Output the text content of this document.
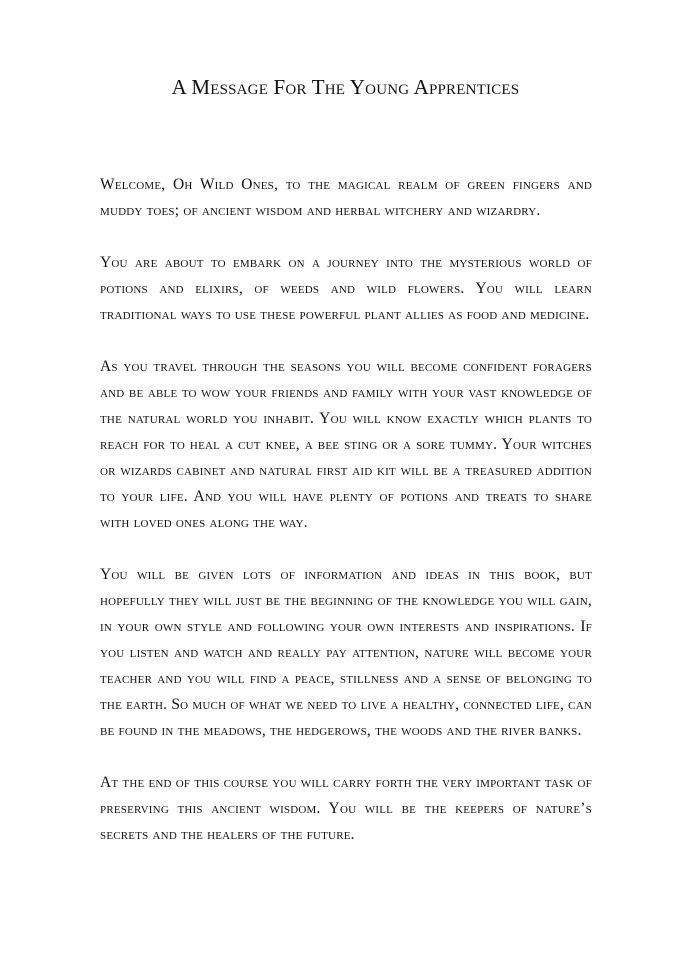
A Message For The Young Apprentices

Welcome, Oh Wild Ones, to the magical realm of green fingers and muddy toes; of ancient wisdom and herbal witchery and wizardry.

You are about to embark on a journey into the mysterious world of potions and elixirs, of weeds and wild flowers. You will learn traditional ways to use these powerful plant allies as food and medicine.

As you travel through the seasons you will become confident foragers and be able to wow your friends and family with your vast knowledge of the natural world you inhabit. You will know exactly which plants to reach for to heal a cut knee, a bee sting or a sore tummy. Your witches or wizards cabinet and natural first aid kit will be a treasured addition to your life. And you will have plenty of potions and treats to share with loved ones along the way.

You will be given lots of information and ideas in this book, but hopefully they will just be the beginning of the knowledge you will gain, in your own style and following your own interests and inspirations. If you listen and watch and really pay attention, nature will become your teacher and you will find a peace, stillness and a sense of belonging to the earth. So much of what we need to live a healthy, connected life, can be found in the meadows, the hedgerows, the woods and the river banks.

At the end of this course you will carry forth the very important task of preserving this ancient wisdom. You will be the keepers of nature’s secrets and the healers of the future.
